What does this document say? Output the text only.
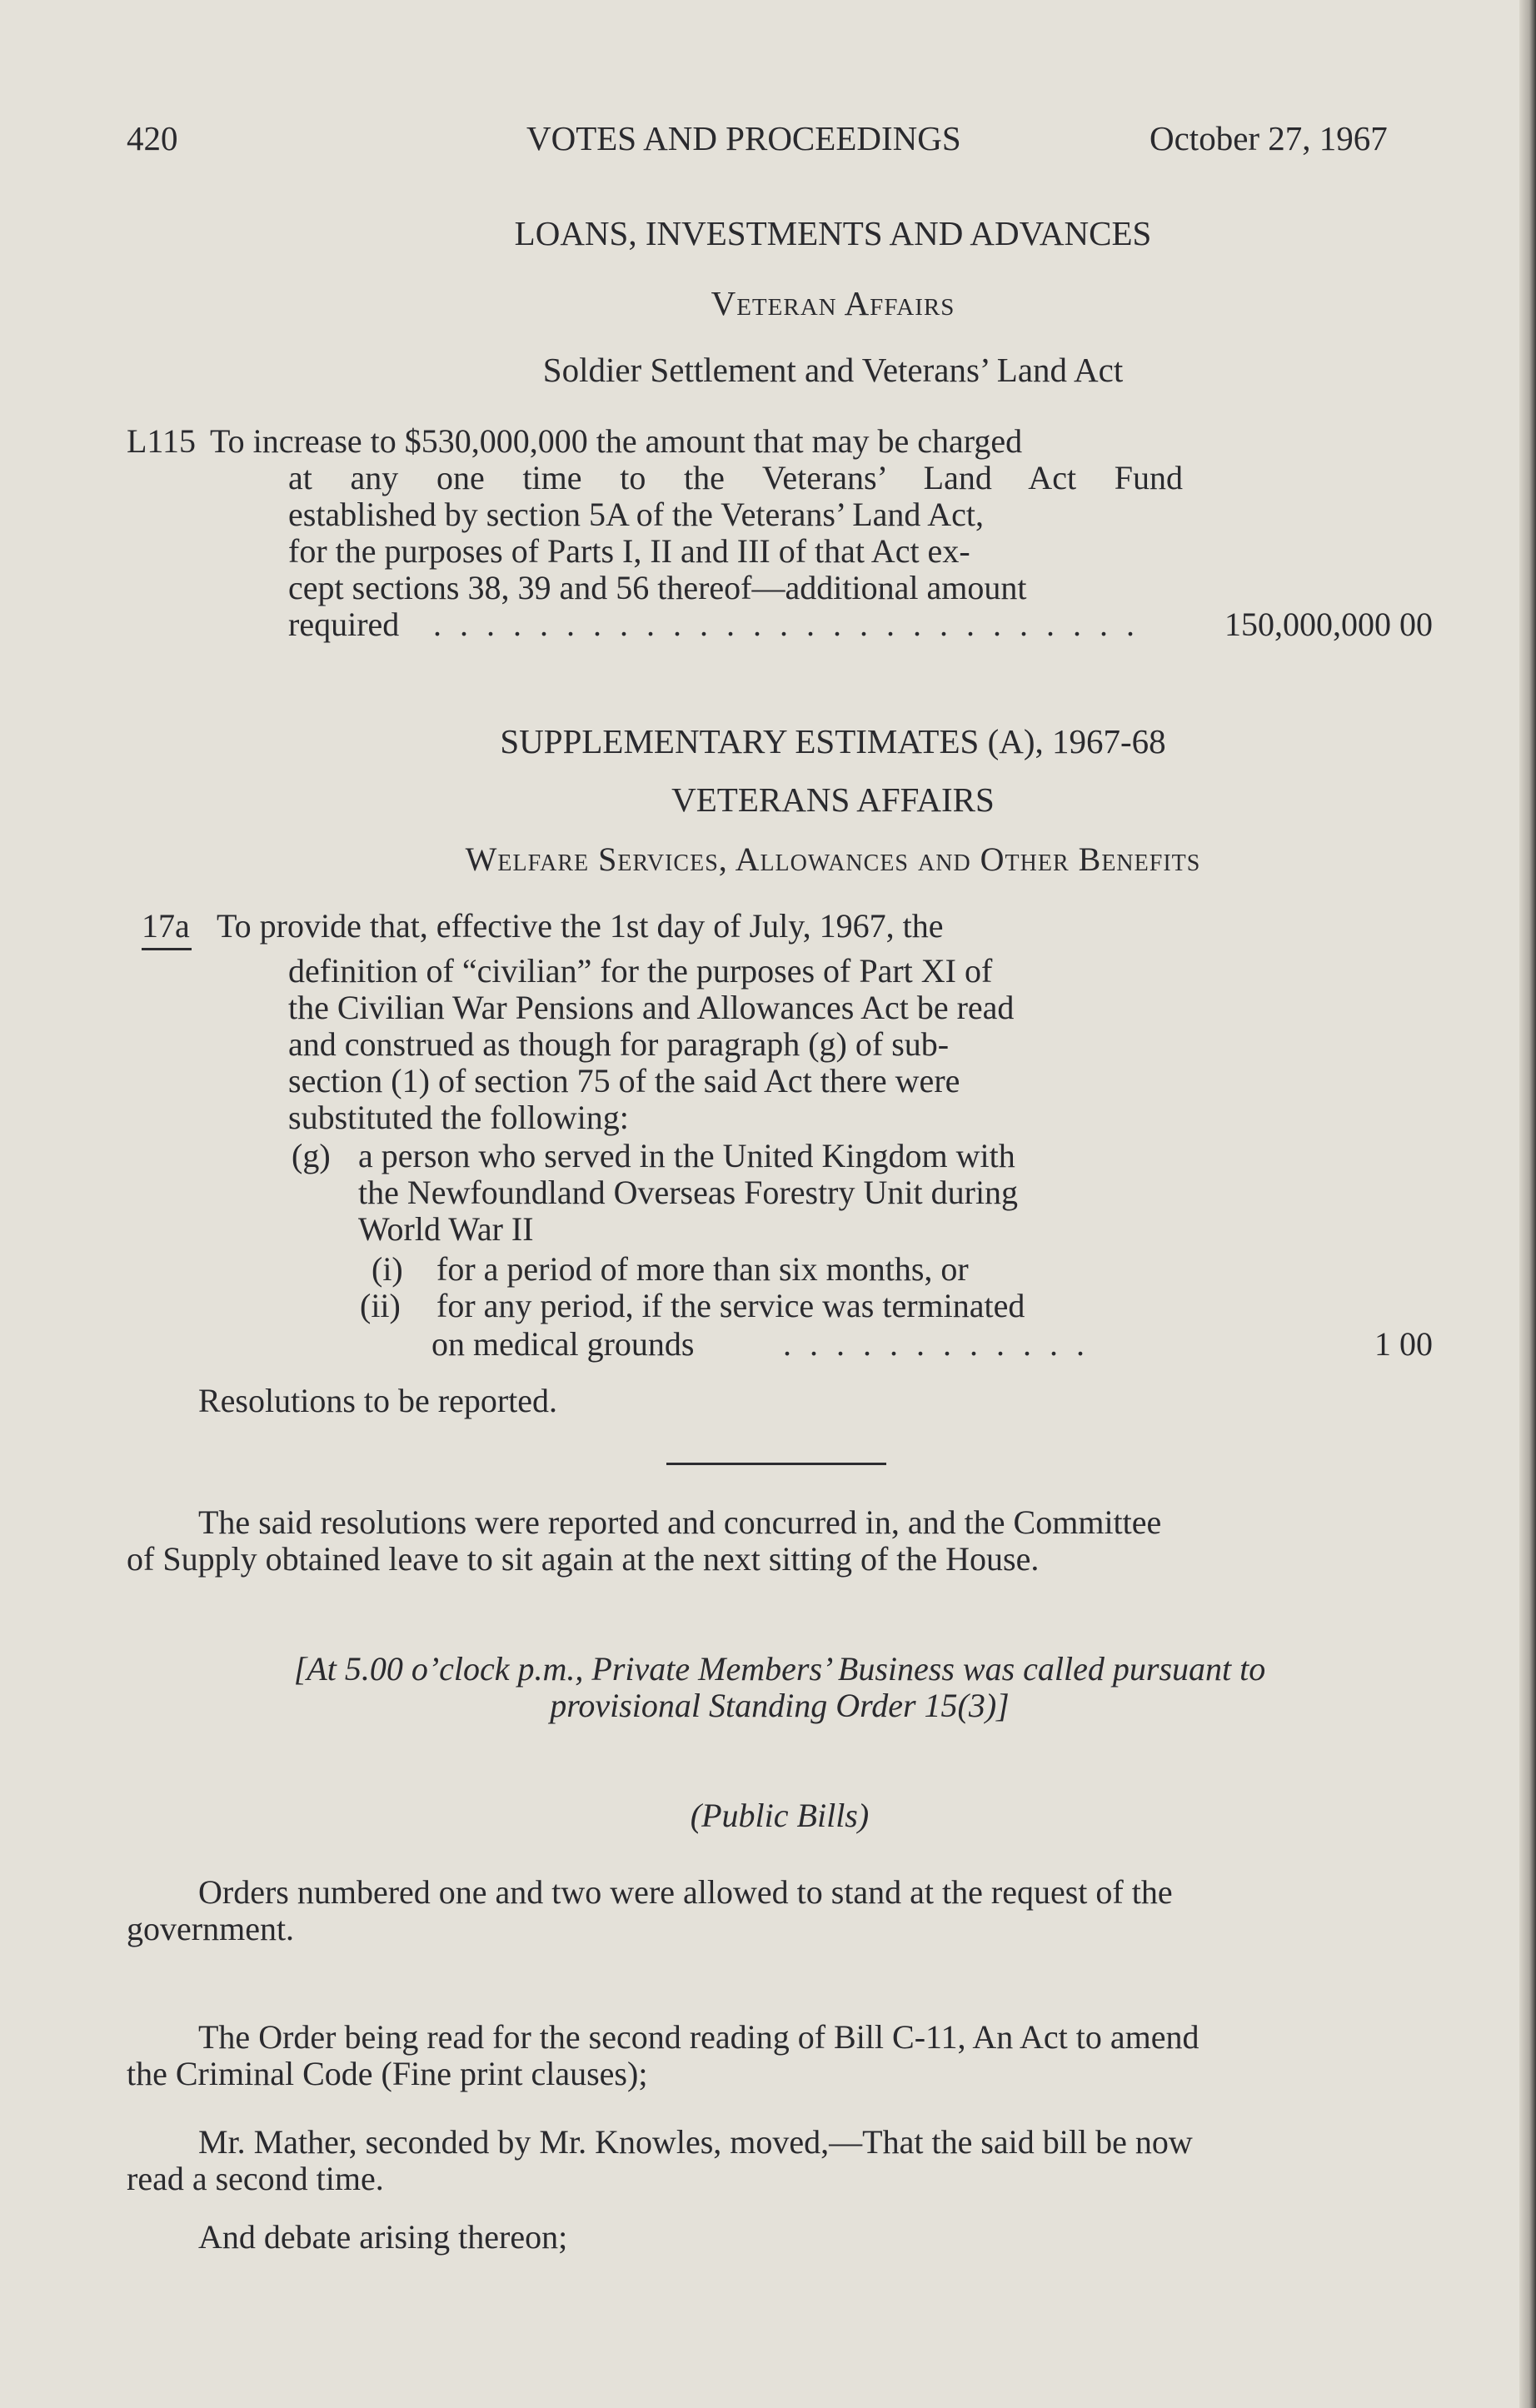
420	VOTES AND PROCEEDINGS	October 27, 1967
LOANS, INVESTMENTS AND ADVANCES
Veteran Affairs
Soldier Settlement and Veterans’ Land Act
L115 To increase to $530,000,000 the amount that may be charged
at any one time to the Veterans’ Land Act Fund
established by section 5A of the Veterans’ Land Act,
for the purposes of Parts I, II and III of that Act ex-
cept sections 38, 39 and 56 thereof—additional amount
required . . . . . . . . . . . . . . . . . . . . . . . . . . .	150,000,000 00
SUPPLEMENTARY ESTIMATES (A), 1967-68
VETERANS AFFAIRS
Welfare Services, Allowances and Other Benefits
17a To provide that, effective the 1st day of July, 1967, the
definition of “civilian” for the purposes of Part XI of
the Civilian War Pensions and Allowances Act be read
and construed as though for paragraph (g) of sub-
section (1) of section 75 of the said Act there were
substituted the following:
(g) a person who served in the United Kingdom with
the Newfoundland Overseas Forestry Unit during
World War II
(i) for a period of more than six months, or
(ii) for any period, if the service was terminated
on medical grounds	. . . . . . . . . . . .	1 00
Resolutions to be reported.
The said resolutions were reported and concurred in, and the Committee
of Supply obtained leave to sit again at the next sitting of the House.
[At 5.00 o’clock p.m., Private Members’ Business was called pursuant to
provisional Standing Order 15(3)]
(Public Bills)
Orders numbered one and two were allowed to stand at the request of the
government.
The Order being read for the second reading of Bill C-11, An Act to amend
the Criminal Code (Fine print clauses);
Mr. Mather, seconded by Mr. Knowles, moved,—That the said bill be now
read a second time.
And debate arising thereon;
